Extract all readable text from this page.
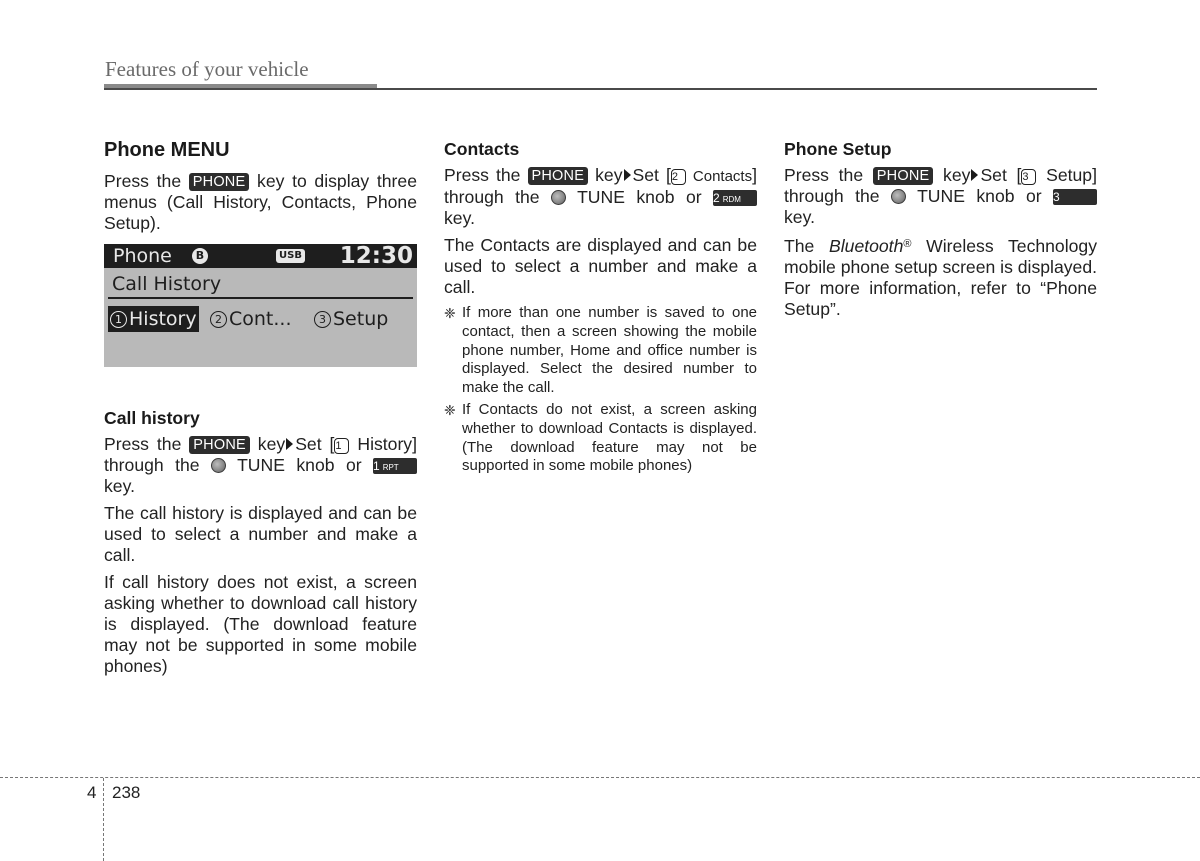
Features of your vehicle
Phone MENU

Press the PHONE key to display three menus (Call History, Contacts, Phone Setup).

Phone	B	USB 12:30
Call History
1 History	2 Cont...	3 Setup
Call history

Press the PHONE key Set [1 History] through the  TUNE knob or 1 RPT key.

The call history is displayed and can be used to select a number and make a call.

If call history does not exist, a screen asking whether to download call history is displayed. (The download feature may not be supported in some mobile phones)

Contacts

Press the PHONE key Set [2 Contacts] through the  TUNE knob or 2 RDM key.

The Contacts are displayed and can be used to select a number and make a call.

❈ If more than one number is saved to one contact, then a screen showing the mobile phone number, Home and office number is displayed. Select the desired number to make the call.
❈ If Contacts do not exist, a screen asking whether to download Contacts is displayed. (The download feature may not be supported in some mobile phones)
Phone Setup

Press the PHONE key Set [3 Setup] through the  TUNE knob or 3 key.

The Bluetooth® Wireless Technology mobile phone setup screen is displayed. For more information, refer to “Phone Setup”.

4 238
